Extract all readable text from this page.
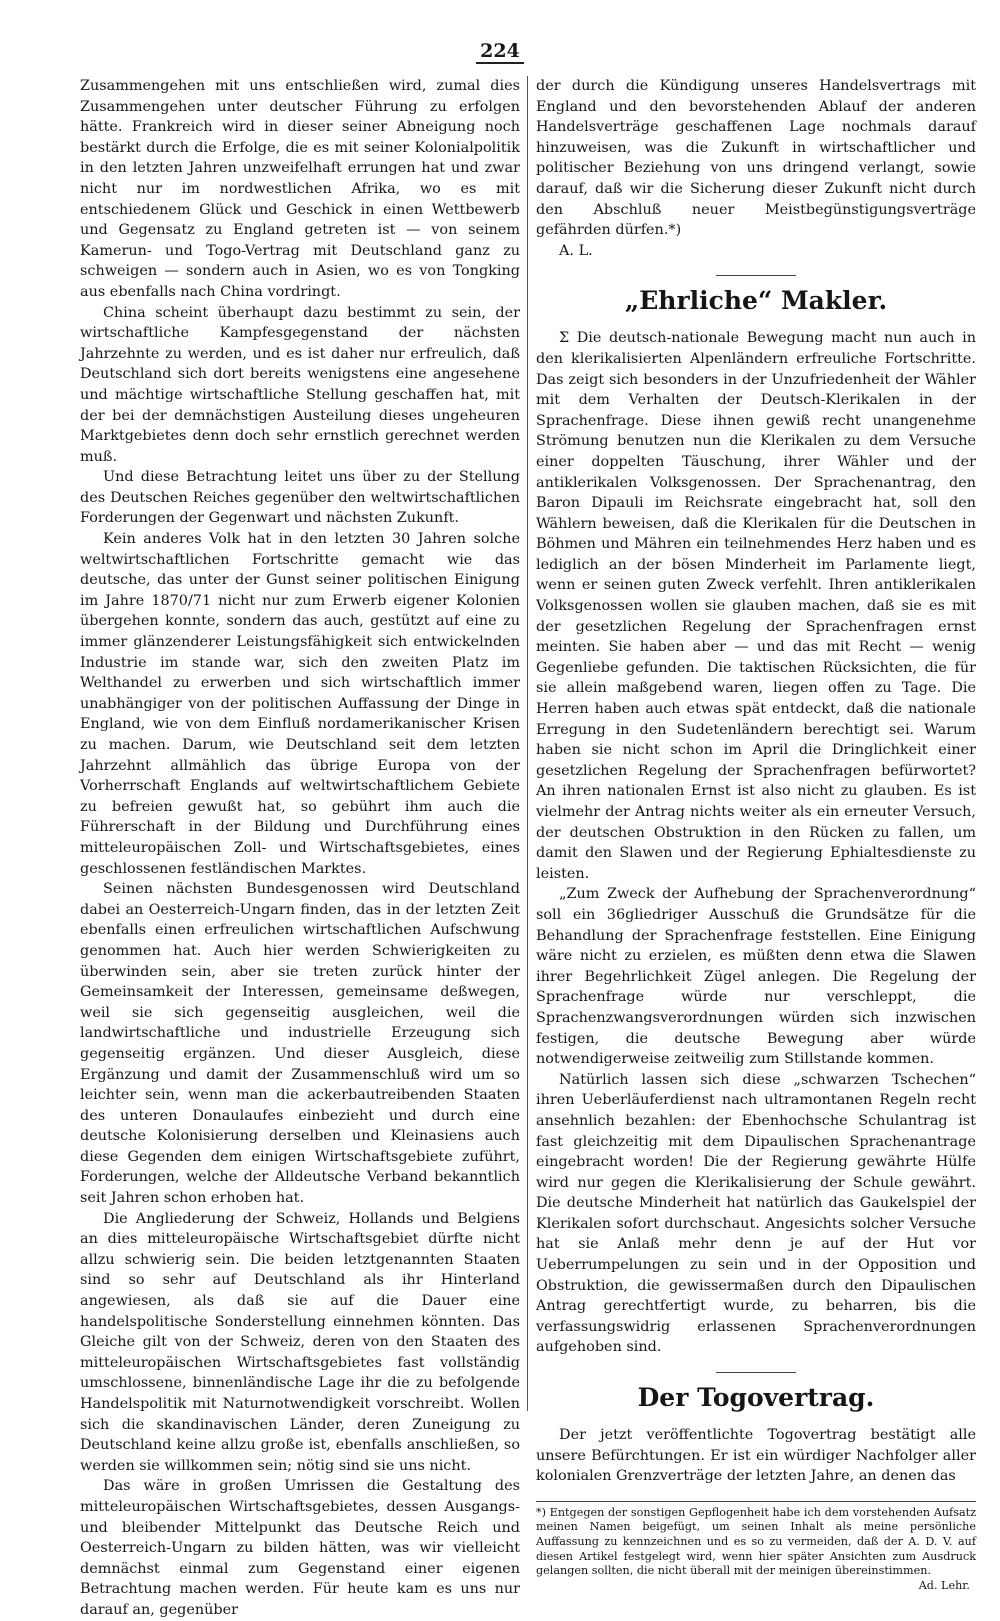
224

Zusammengehen mit uns entschließen wird, zumal dies Zusammengehen unter deutscher Führung zu erfolgen hätte. Frankreich wird in dieser seiner Abneigung noch bestärkt durch die Erfolge, die es mit seiner Kolonialpolitik in den letzten Jahren unzweifelhaft errungen hat und zwar nicht nur im nordwestlichen Afrika, wo es mit entschiedenem Glück und Geschick in einen Wettbewerb und Gegensatz zu England getreten ist — von seinem Kamerun- und Togo-Vertrag mit Deutschland ganz zu schweigen — sondern auch in Asien, wo es von Tongking aus ebenfalls nach China vordringt.

China scheint überhaupt dazu bestimmt zu sein, der wirtschaftliche Kampfesgegenstand der nächsten Jahrzehnte zu werden, und es ist daher nur erfreulich, daß Deutschland sich dort bereits wenigstens eine angesehene und mächtige wirtschaftliche Stellung geschaffen hat, mit der bei der demnächstigen Austeilung dieses ungeheuren Marktgebietes denn doch sehr ernstlich gerechnet werden muß.

Und diese Betrachtung leitet uns über zu der Stellung des Deutschen Reiches gegenüber den weltwirtschaftlichen Forderungen der Gegenwart und nächsten Zukunft.

Kein anderes Volk hat in den letzten 30 Jahren solche weltwirtschaftlichen Fortschritte gemacht wie das deutsche, das unter der Gunst seiner politischen Einigung im Jahre 1870/71 nicht nur zum Erwerb eigener Kolonien übergehen konnte, sondern das auch, gestützt auf eine zu immer glänzenderer Leistungsfähigkeit sich entwickelnden Industrie im stande war, sich den zweiten Platz im Welthandel zu erwerben und sich wirtschaftlich immer unabhängiger von der politischen Auffassung der Dinge in England, wie von dem Einfluß nordamerikanischer Krisen zu machen. Darum, wie Deutschland seit dem letzten Jahrzehnt allmählich das übrige Europa von der Vorherrschaft Englands auf weltwirtschaftlichem Gebiete zu befreien gewußt hat, so gebührt ihm auch die Führerschaft in der Bildung und Durchführung eines mitteleuropäischen Zoll- und Wirtschaftsgebietes, eines geschlossenen festländischen Marktes.

Seinen nächsten Bundesgenossen wird Deutschland dabei an Oesterreich-Ungarn finden, das in der letzten Zeit ebenfalls einen erfreulichen wirtschaftlichen Aufschwung genommen hat. Auch hier werden Schwierigkeiten zu überwinden sein, aber sie treten zurück hinter der Gemeinsamkeit der Interessen, gemeinsame deßwegen, weil sie sich gegenseitig ausgleichen, weil die landwirtschaftliche und industrielle Erzeugung sich gegenseitig ergänzen. Und dieser Ausgleich, diese Ergänzung und damit der Zusammenschluß wird um so leichter sein, wenn man die ackerbautreibenden Staaten des unteren Donaulaufes einbezieht und durch eine deutsche Kolonisierung derselben und Kleinasiens auch diese Gegenden dem einigen Wirtschaftsgebiete zuführt, Forderungen, welche der Alldeutsche Verband bekanntlich seit Jahren schon erhoben hat.

Die Angliederung der Schweiz, Hollands und Belgiens an dies mitteleuropäische Wirtschaftsgebiet dürfte nicht allzu schwierig sein. Die beiden letztgenannten Staaten sind so sehr auf Deutschland als ihr Hinterland angewiesen, als daß sie auf die Dauer eine handelspolitische Sonderstellung einnehmen könnten. Das Gleiche gilt von der Schweiz, deren von den Staaten des mitteleuropäischen Wirtschaftsgebietes fast vollständig umschlossene, binnenländische Lage ihr die zu befolgende Handelspolitik mit Naturnotwendigkeit vorschreibt. Wollen sich die skandinavischen Länder, deren Zuneigung zu Deutschland keine allzu große ist, ebenfalls anschließen, so werden sie willkommen sein; nötig sind sie uns nicht.

Das wäre in großen Umrissen die Gestaltung des mitteleuropäischen Wirtschaftsgebietes, dessen Ausgangs- und bleibender Mittelpunkt das Deutsche Reich und Oesterreich-Ungarn zu bilden hätten, was wir vielleicht demnächst einmal zum Gegenstand einer eigenen Betrachtung machen werden. Für heute kam es uns nur darauf an, gegenüber

der durch die Kündigung unseres Handelsvertrags mit England und den bevorstehenden Ablauf der anderen Handelsverträge geschaffenen Lage nochmals darauf hinzuweisen, was die Zukunft in wirtschaftlicher und politischer Beziehung von uns dringend verlangt, sowie darauf, daß wir die Sicherung dieser Zukunft nicht durch den Abschluß neuer Meistbegünstigungsverträge gefährden dürfen.*)

A. L.

„Ehrliche“ Makler.

Σ Die deutsch-nationale Bewegung macht nun auch in den klerikalisierten Alpenländern erfreuliche Fortschritte. Das zeigt sich besonders in der Unzufriedenheit der Wähler mit dem Verhalten der Deutsch-Klerikalen in der Sprachenfrage. Diese ihnen gewiß recht unangenehme Strömung benutzen nun die Klerikalen zu dem Versuche einer doppelten Täuschung, ihrer Wähler und der antiklerikalen Volksgenossen. Der Sprachenantrag, den Baron Dipauli im Reichsrate eingebracht hat, soll den Wählern beweisen, daß die Klerikalen für die Deutschen in Böhmen und Mähren ein teilnehmendes Herz haben und es lediglich an der bösen Minderheit im Parlamente liegt, wenn er seinen guten Zweck verfehlt. Ihren antiklerikalen Volksgenossen wollen sie glauben machen, daß sie es mit der gesetzlichen Regelung der Sprachenfragen ernst meinten. Sie haben aber — und das mit Recht — wenig Gegenliebe gefunden. Die taktischen Rücksichten, die für sie allein maßgebend waren, liegen offen zu Tage. Die Herren haben auch etwas spät entdeckt, daß die nationale Erregung in den Sudetenländern berechtigt sei. Warum haben sie nicht schon im April die Dringlichkeit einer gesetzlichen Regelung der Sprachenfragen befürwortet? An ihren nationalen Ernst ist also nicht zu glauben. Es ist vielmehr der Antrag nichts weiter als ein erneuter Versuch, der deutschen Obstruktion in den Rücken zu fallen, um damit den Slawen und der Regierung Ephialtesdienste zu leisten.

„Zum Zweck der Aufhebung der Sprachenverordnung“ soll ein 36gliedriger Ausschuß die Grundsätze für die Behandlung der Sprachenfrage feststellen. Eine Einigung wäre nicht zu erzielen, es müßten denn etwa die Slawen ihrer Begehrlichkeit Zügel anlegen. Die Regelung der Sprachenfrage würde nur verschleppt, die Sprachenzwangsverordnungen würden sich inzwischen festigen, die deutsche Bewegung aber würde notwendigerweise zeitweilig zum Stillstande kommen.

Natürlich lassen sich diese „schwarzen Tschechen“ ihren Ueberläuferdienst nach ultramontanen Regeln recht ansehnlich bezahlen: der Ebenhochsche Schulantrag ist fast gleichzeitig mit dem Dipaulischen Sprachenantrage eingebracht worden! Die der Regierung gewährte Hülfe wird nur gegen die Klerikalisierung der Schule gewährt. Die deutsche Minderheit hat natürlich das Gaukelspiel der Klerikalen sofort durchschaut. Angesichts solcher Versuche hat sie Anlaß mehr denn je auf der Hut vor Ueberrumpelungen zu sein und in der Opposition und Obstruktion, die gewissermaßen durch den Dipaulischen Antrag gerechtfertigt wurde, zu beharren, bis die verfassungswidrig erlassenen Sprachenverordnungen aufgehoben sind.

Der Togovertrag.

Der jetzt veröffentlichte Togovertrag bestätigt alle unsere Befürchtungen. Er ist ein würdiger Nachfolger aller kolonialen Grenzverträge der letzten Jahre, an denen das

*) Entgegen der sonstigen Gepflogenheit habe ich dem vorstehenden Aufsatz meinen Namen beigefügt, um seinen Inhalt als meine persönliche Auffassung zu kennzeichnen und es so zu vermeiden, daß der A. D. V. auf diesen Artikel festgelegt wird, wenn hier später Ansichten zum Ausdruck gelangen sollten, die nicht überall mit der meinigen übereinstimmen.
Ad. Lehr.
